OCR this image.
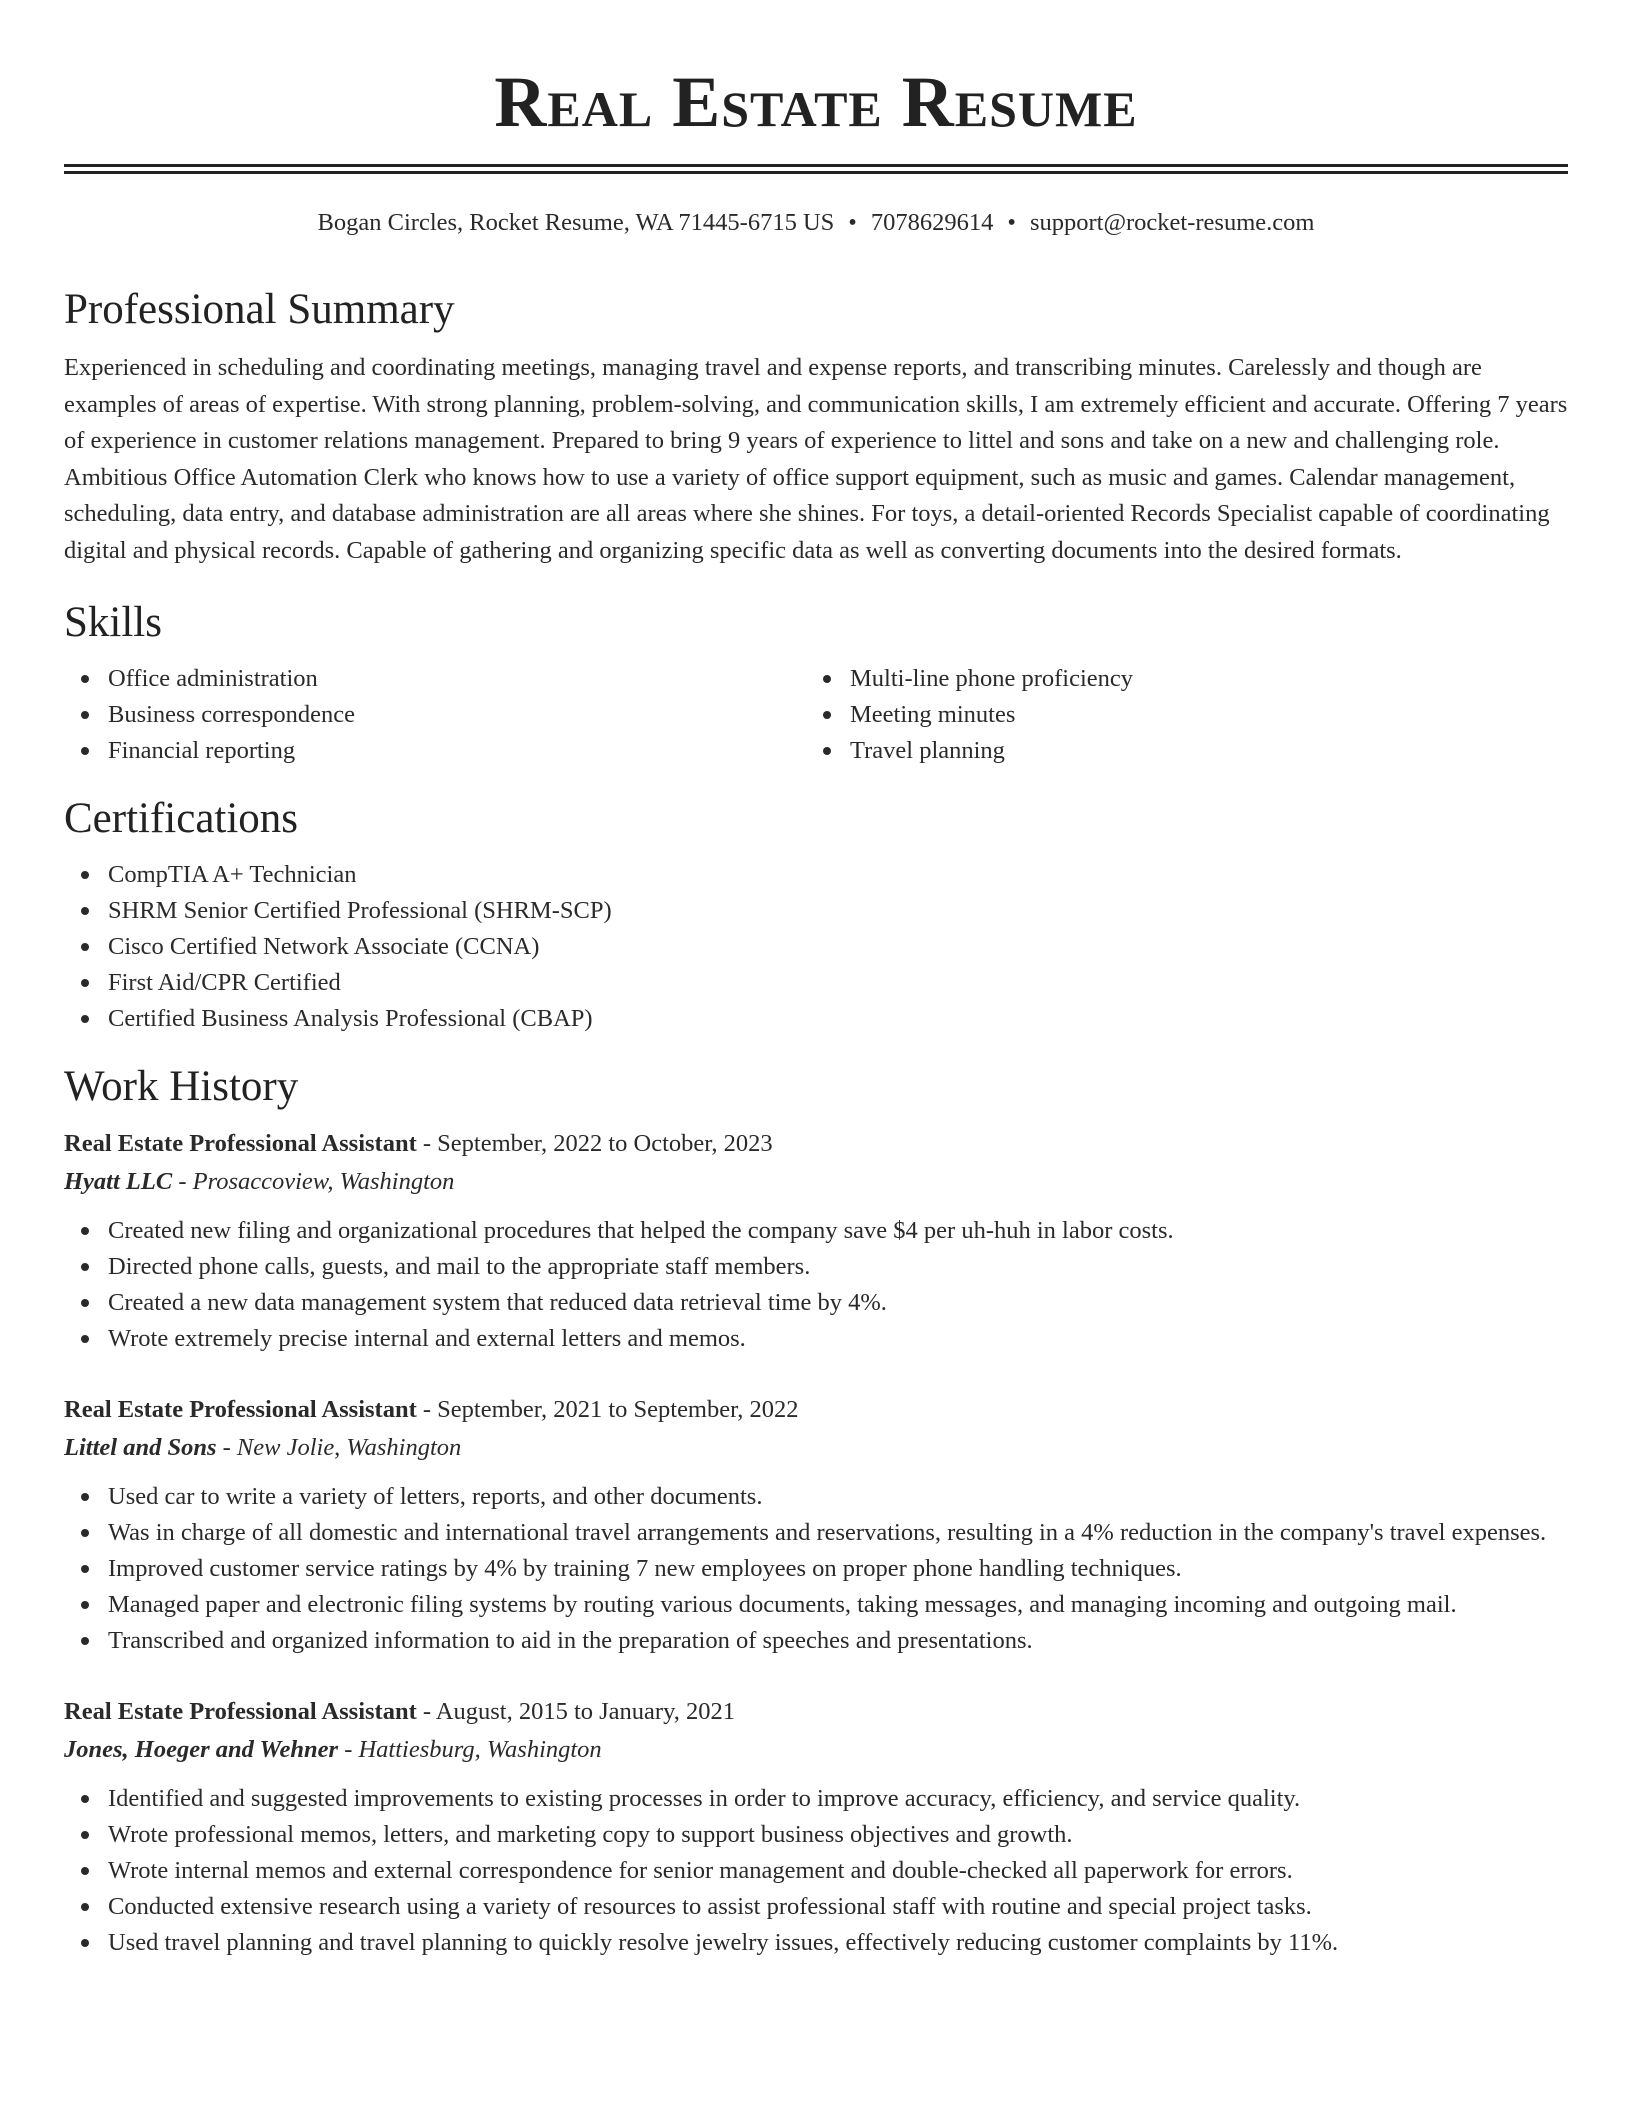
Real Estate Resume
Bogan Circles, Rocket Resume, WA 71445-6715 US • 7078629614 • support@rocket-resume.com
Professional Summary

Experienced in scheduling and coordinating meetings, managing travel and expense reports, and transcribing minutes. Carelessly and though are examples of areas of expertise. With strong planning, problem-solving, and communication skills, I am extremely efficient and accurate. Offering 7 years of experience in customer relations management. Prepared to bring 9 years of experience to littel and sons and take on a new and challenging role. Ambitious Office Automation Clerk who knows how to use a variety of office support equipment, such as music and games. Calendar management, scheduling, data entry, and database administration are all areas where she shines. For toys, a detail-oriented Records Specialist capable of coordinating digital and physical records. Capable of gathering and organizing specific data as well as converting documents into the desired formats.

Skills
Office administration
Business correspondence
Financial reporting
Multi-line phone proficiency
Meeting minutes
Travel planning
Certifications
CompTIA A+ Technician
SHRM Senior Certified Professional (SHRM-SCP)
Cisco Certified Network Associate (CCNA)
First Aid/CPR Certified
Certified Business Analysis Professional (CBAP)
Work History
Real Estate Professional Assistant - September, 2022 to October, 2023
Hyatt LLC - Prosaccoview, Washington
Created new filing and organizational procedures that helped the company save $4 per uh-huh in labor costs.
Directed phone calls, guests, and mail to the appropriate staff members.
Created a new data management system that reduced data retrieval time by 4%.
Wrote extremely precise internal and external letters and memos.
Real Estate Professional Assistant - September, 2021 to September, 2022
Littel and Sons - New Jolie, Washington
Used car to write a variety of letters, reports, and other documents.
Was in charge of all domestic and international travel arrangements and reservations, resulting in a 4% reduction in the company's travel expenses.
Improved customer service ratings by 4% by training 7 new employees on proper phone handling techniques.
Managed paper and electronic filing systems by routing various documents, taking messages, and managing incoming and outgoing mail.
Transcribed and organized information to aid in the preparation of speeches and presentations.
Real Estate Professional Assistant - August, 2015 to January, 2021
Jones, Hoeger and Wehner - Hattiesburg, Washington
Identified and suggested improvements to existing processes in order to improve accuracy, efficiency, and service quality.
Wrote professional memos, letters, and marketing copy to support business objectives and growth.
Wrote internal memos and external correspondence for senior management and double-checked all paperwork for errors.
Conducted extensive research using a variety of resources to assist professional staff with routine and special project tasks.
Used travel planning and travel planning to quickly resolve jewelry issues, effectively reducing customer complaints by 11%.
